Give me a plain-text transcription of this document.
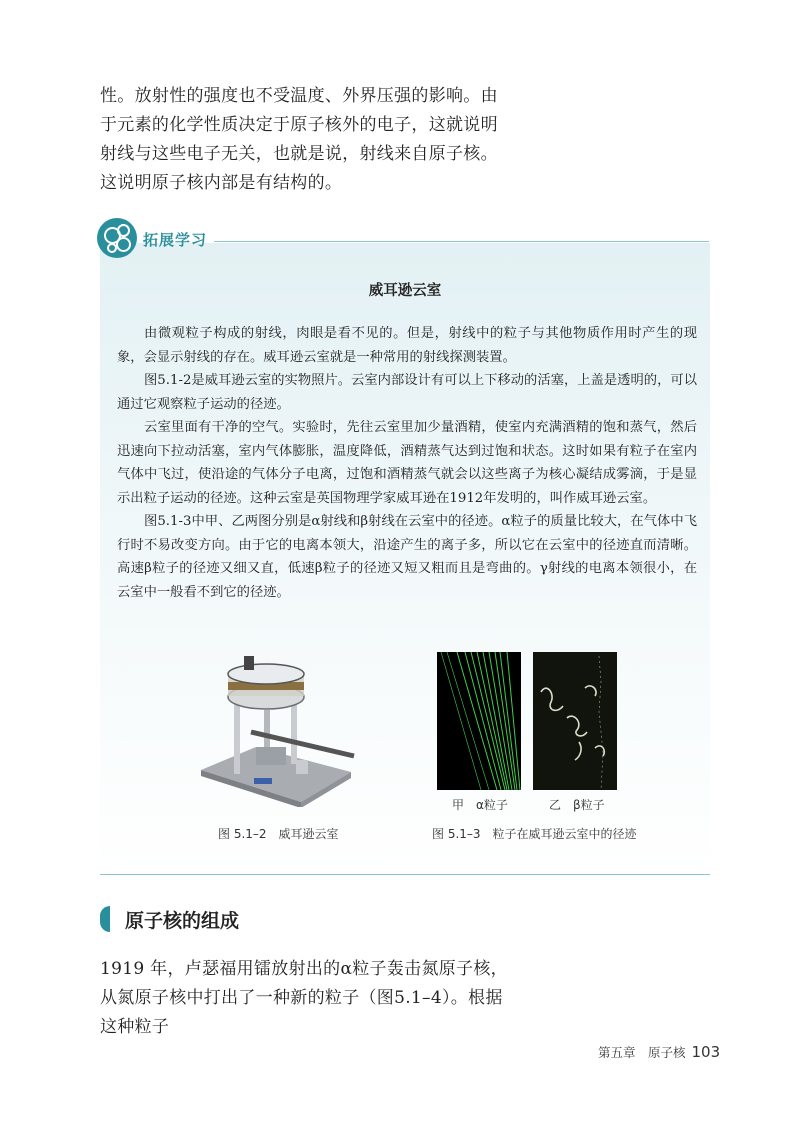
性。放射性的强度也不受温度、外界压强的影响。由于元素的化学性质决定于原子核外的电子，这就说明射线与这些电子无关，也就是说，射线来自原子核。这说明原子核内部是有结构的。

拓展学习
威耳逊云室

由微观粒子构成的射线，肉眼是看不见的。但是，射线中的粒子与其他物质作用时产生的现象，会显示射线的存在。威耳逊云室就是一种常用的射线探测装置。

图5.1-2是威耳逊云室的实物照片。云室内部设计有可以上下移动的活塞，上盖是透明的，可以通过它观察粒子运动的径迹。

云室里面有干净的空气。实验时，先往云室里加少量酒精，使室内充满酒精的饱和蒸气，然后迅速向下拉动活塞，室内气体膨胀，温度降低，酒精蒸气达到过饱和状态。这时如果有粒子在室内气体中飞过，使沿途的气体分子电离，过饱和酒精蒸气就会以这些离子为核心凝结成雾滴，于是显示出粒子运动的径迹。这种云室是英国物理学家威耳逊在1912年发明的，叫作威耳逊云室。

图5.1-3中甲、乙两图分别是α射线和β射线在云室中的径迹。α粒子的质量比较大，在气体中飞行时不易改变方向。由于它的电离本领大，沿途产生的离子多，所以它在云室中的径迹直而清晰。高速β粒子的径迹又细又直，低速β粒子的径迹又短又粗而且是弯曲的。γ射线的电离本领很小，在云室中一般看不到它的径迹。

甲　α粒子	乙　β粒子
图 5.1–2　威耳逊云室	图 5.1–3　粒子在威耳逊云室中的径迹
原子核的组成

1919 年，卢瑟福用镭放射出的α粒子轰击氮原子核，从氮原子核中打出了一种新的粒子（图5.1–4）。根据这种粒子

第五章　原子核 103
